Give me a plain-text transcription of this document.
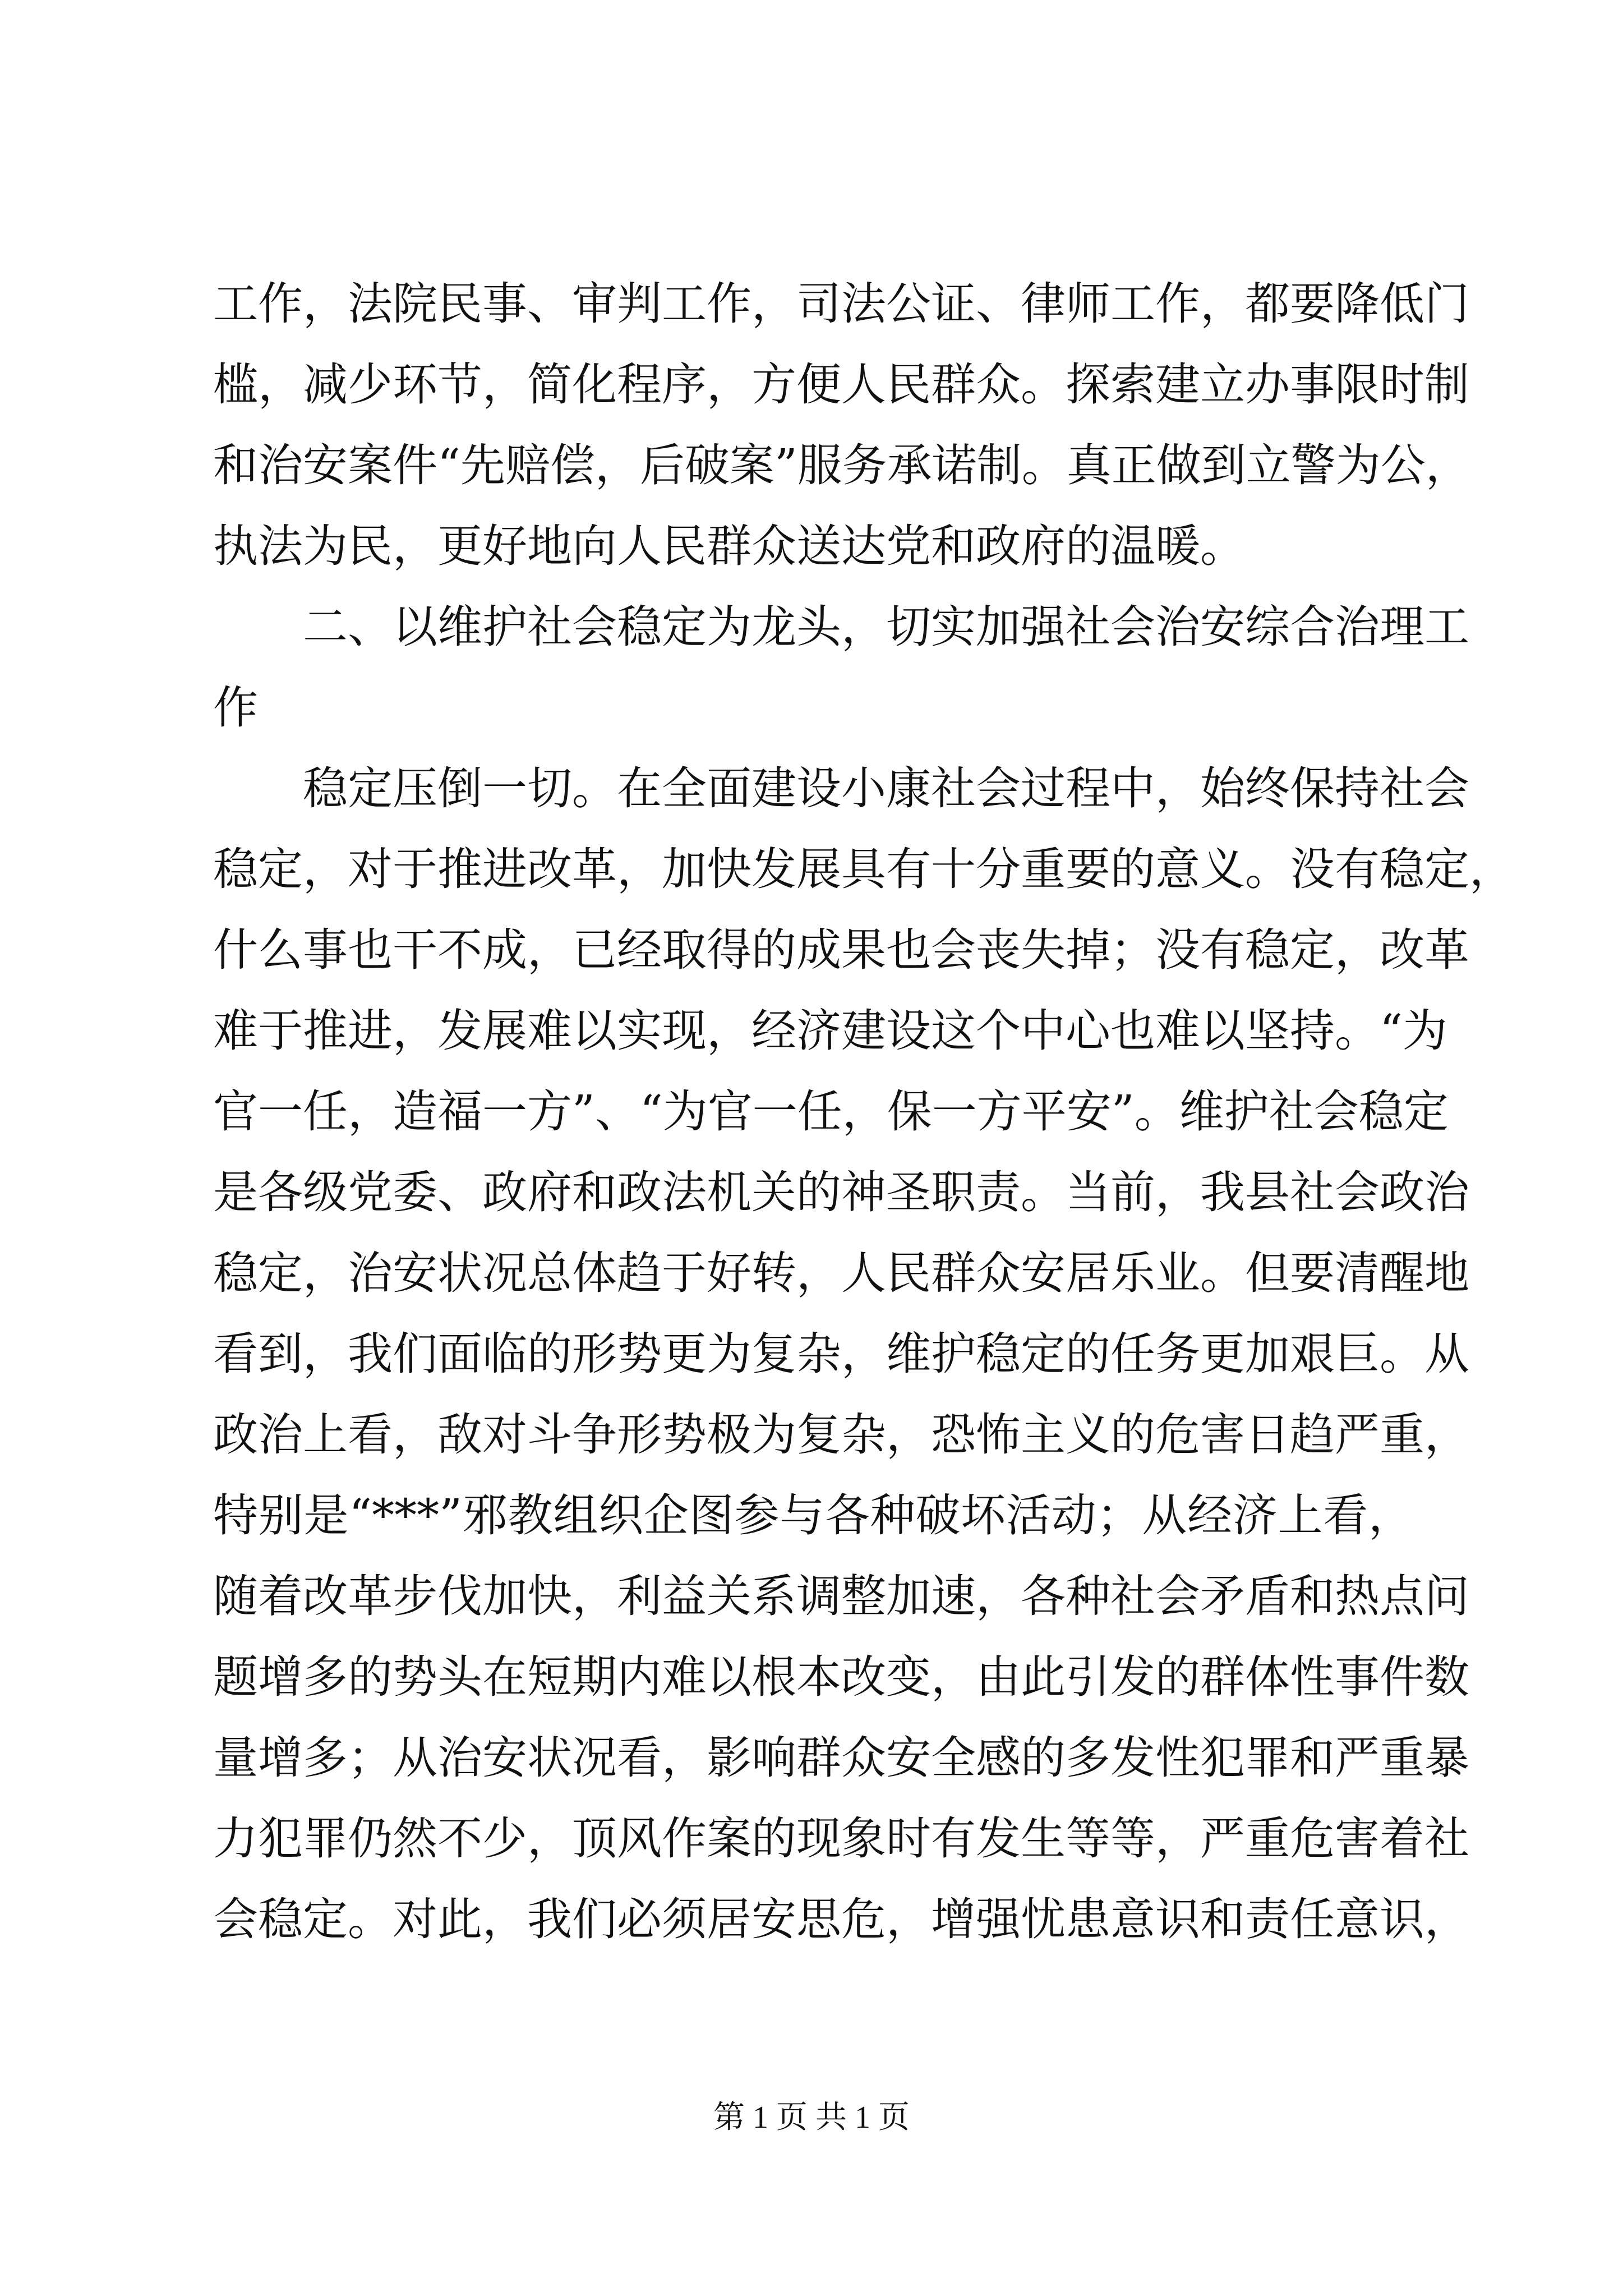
工作，法院民事、审判工作，司法公证、律师工作，都要降低门
槛，减少环节，简化程序，方便人民群众。探索建立办事限时制
和治安案件“先赔偿，后破案”服务承诺制。真正做到立警为公，
执法为民，更好地向人民群众送达党和政府的温暖。
二、以维护社会稳定为龙头，切实加强社会治安综合治理工
作
稳定压倒一切。在全面建设小康社会过程中，始终保持社会
稳定，对于推进改革，加快发展具有十分重要的意义。没有稳定，
什么事也干不成，已经取得的成果也会丧失掉；没有稳定，改革
难于推进，发展难以实现，经济建设这个中心也难以坚持。“为
官一任，造福一方”、“为官一任，保一方平安”。维护社会稳定
是各级党委、政府和政法机关的神圣职责。当前，我县社会政治
稳定，治安状况总体趋于好转，人民群众安居乐业。但要清醒地
看到，我们面临的形势更为复杂，维护稳定的任务更加艰巨。从
政治上看，敌对斗争形势极为复杂，恐怖主义的危害日趋严重，
特别是“***”邪教组织企图参与各种破坏活动；从经济上看，
随着改革步伐加快，利益关系调整加速，各种社会矛盾和热点问
题增多的势头在短期内难以根本改变，由此引发的群体性事件数
量增多；从治安状况看，影响群众安全感的多发性犯罪和严重暴
力犯罪仍然不少，顶风作案的现象时有发生等等，严重危害着社
会稳定。对此，我们必须居安思危，增强忧患意识和责任意识，
第 1 页 共 1 页
